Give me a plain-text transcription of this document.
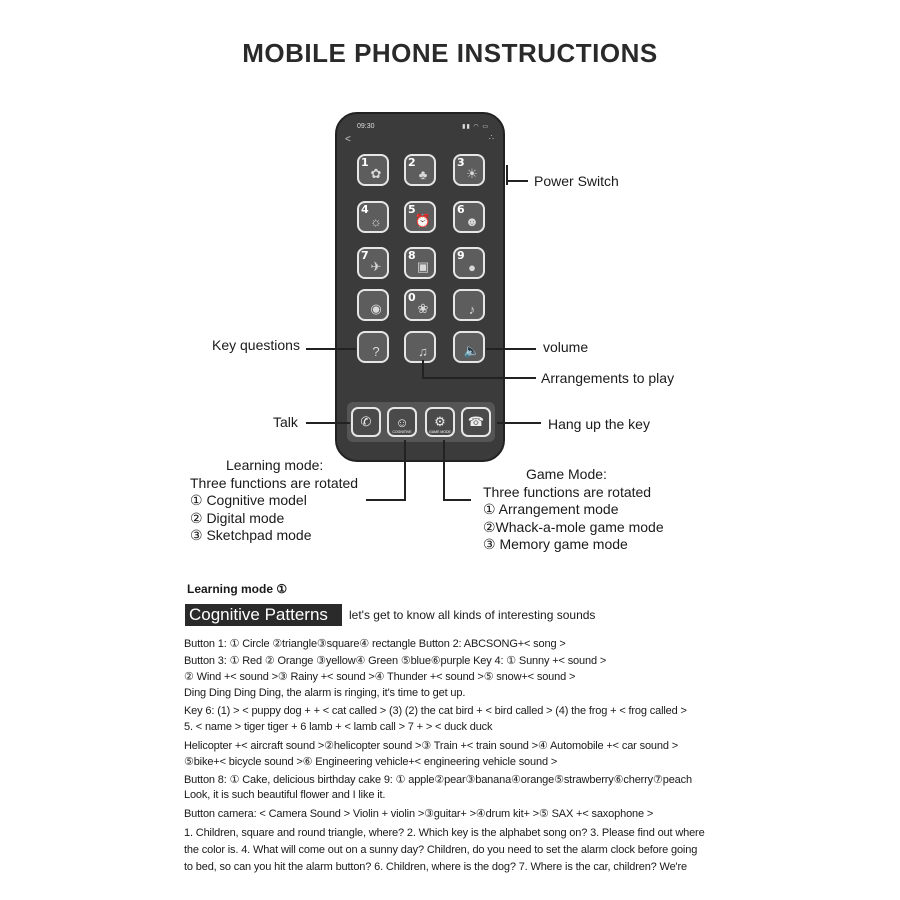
MOBILE PHONE INSTRUCTIONS
09:30	▮▮ ◠ ▭
<	∴
1
✿
2
♣
3
☀
4
☼
5
⏰
6
☻
7
✈
8
▣
9
●
◉
0
❀	♪
?	♫	🔈
✆ ☺
COGNITIVE
⚙
GAME MODE
☎
Power Switch
Key questions	volume
Arrangements to play
Talk	Hang up the key
Learning mode:
Three functions are rotated
① Cognitive model
② Digital mode
③ Sketchpad mode
Game Mode:
Three functions are rotated
① Arrangement mode
②Whack-a-mole game mode
③ Memory game mode
Learning mode ①
Cognitive Patterns	let's get to know all kinds of interesting sounds
Button 1: ① Circle ②triangle③square④ rectangle Button 2: ABCSONG+< song >
Button 3: ① Red ② Orange ③yellow④ Green ⑤blue⑥purple Key 4: ① Sunny +< sound >
② Wind +< sound >③ Rainy +< sound >④ Thunder +< sound >⑤ snow+< sound >
Ding Ding Ding Ding, the alarm is ringing, it's time to get up.
Key 6: (1) > < puppy dog + + < cat called > (3) (2) the cat bird + < bird called > (4) the frog + < frog called >
5. < name > tiger tiger + 6 lamb + < lamb call > 7 + > < duck duck
Helicopter +< aircraft sound >②helicopter sound >③ Train +< train sound >④ Automobile +< car sound >
⑤bike+< bicycle sound >⑥ Engineering vehicle+< engineering vehicle sound >
Button 8: ① Cake, delicious birthday cake 9: ① apple②pear③banana④orange⑤strawberry⑥cherry⑦peach
Look, it is such beautiful flower and I like it.
Button camera: < Camera Sound > Violin + violin >③guitar+ >④drum kit+ >⑤ SAX +< saxophone >
1. Children, square and round triangle, where? 2. Which key is the alphabet song on? 3. Please find out where
the color is. 4. What will come out on a sunny day? Children, do you need to set the alarm clock before going
to bed, so can you hit the alarm button? 6. Children, where is the dog? 7. Where is the car, children? We're
